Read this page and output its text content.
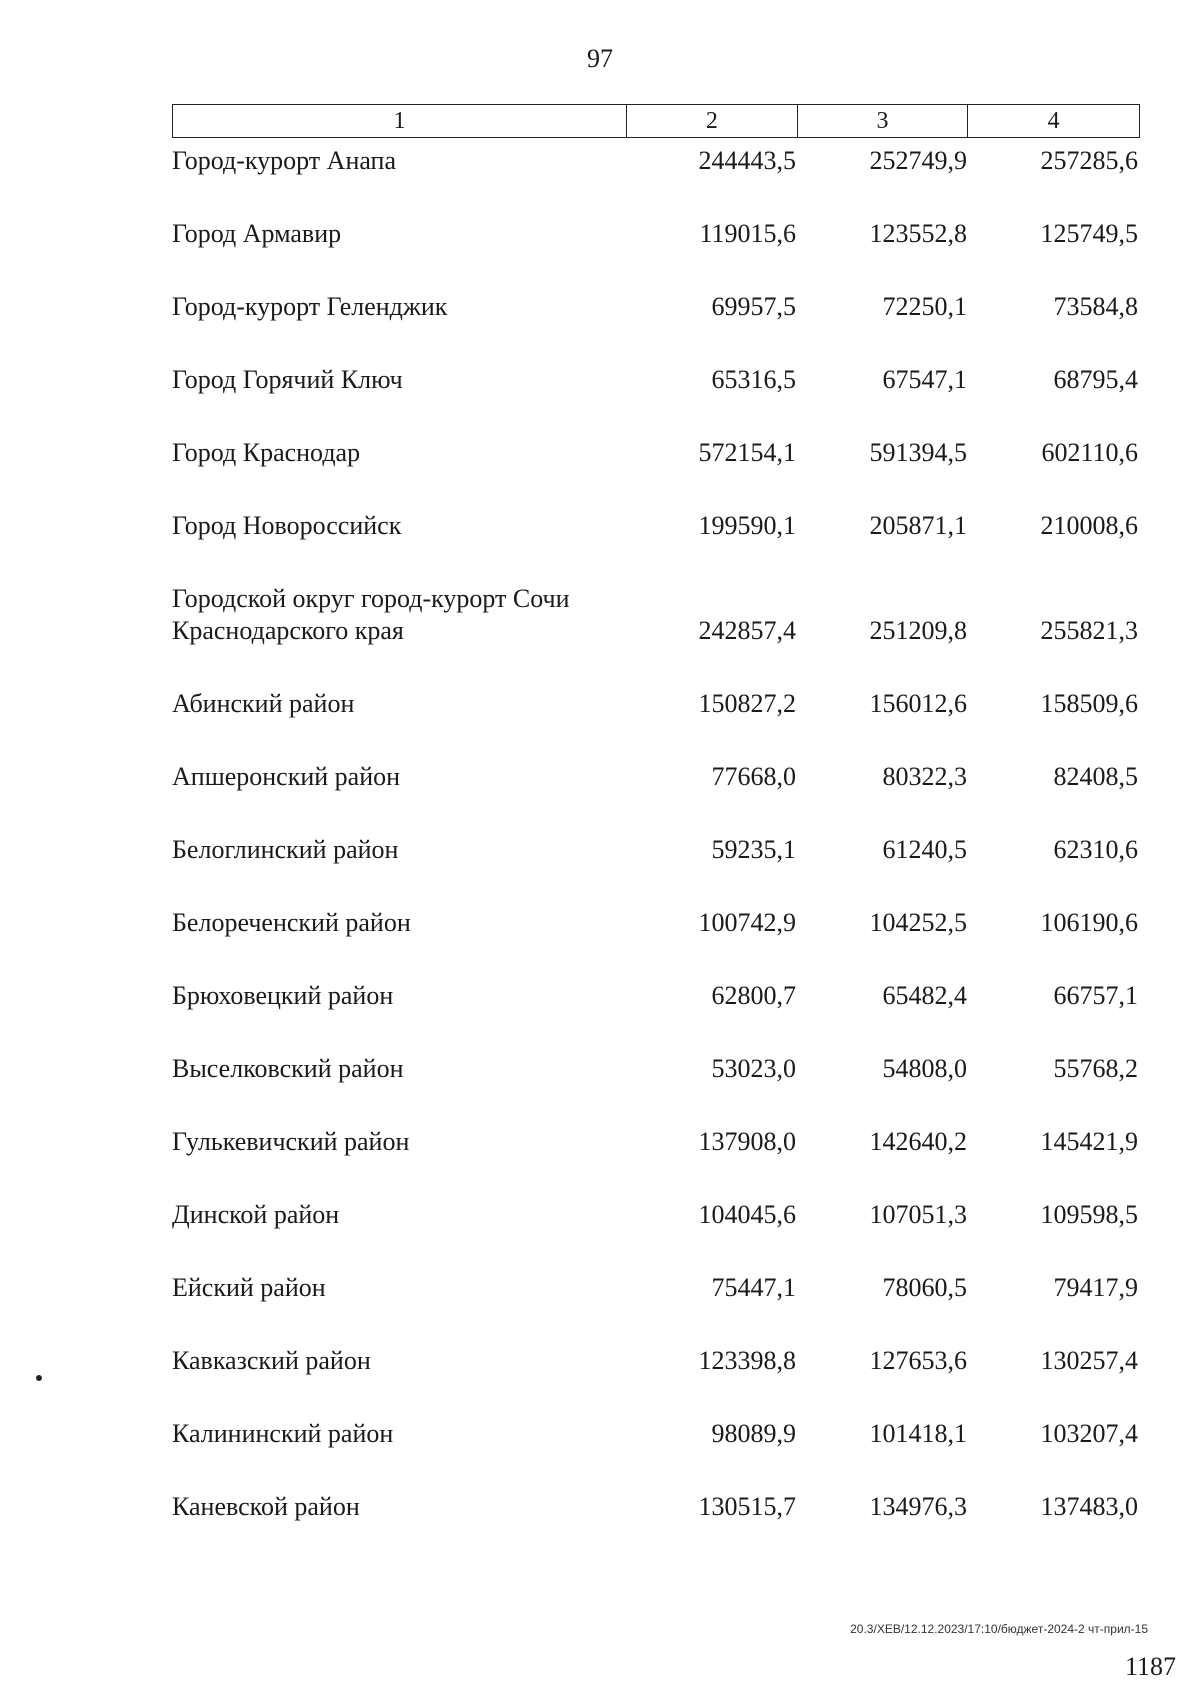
97
1	2	3	4
Город-курорт Анапа	244443,5	252749,9	257285,6
Город Армавир	119015,6	123552,8	125749,5
Город-курорт Геленджик	69957,5	72250,1	73584,8
Город Горячий Ключ	65316,5	67547,1	68795,4
Город Краснодар	572154,1	591394,5	602110,6
Город Новороссийск	199590,1	205871,1	210008,6
Городской округ город-курорт Сочи Краснодарского края	242857,4	251209,8	255821,3
Абинский район	150827,2	156012,6	158509,6
Апшеронский район	77668,0	80322,3	82408,5
Белоглинский район	59235,1	61240,5	62310,6
Белореченский район	100742,9	104252,5	106190,6
Брюховецкий район	62800,7	65482,4	66757,1
Выселковский район	53023,0	54808,0	55768,2
Гулькевичский район	137908,0	142640,2	145421,9
Динской район	104045,6	107051,3	109598,5
Ейский район	75447,1	78060,5	79417,9
Кавказский район	123398,8	127653,6	130257,4
Калининский район	98089,9	101418,1	103207,4
Каневской район	130515,7	134976,3	137483,0
20.3/ХЕВ/12.12.2023/17:10/бюджет-2024-2 чт-прил-15
1187
